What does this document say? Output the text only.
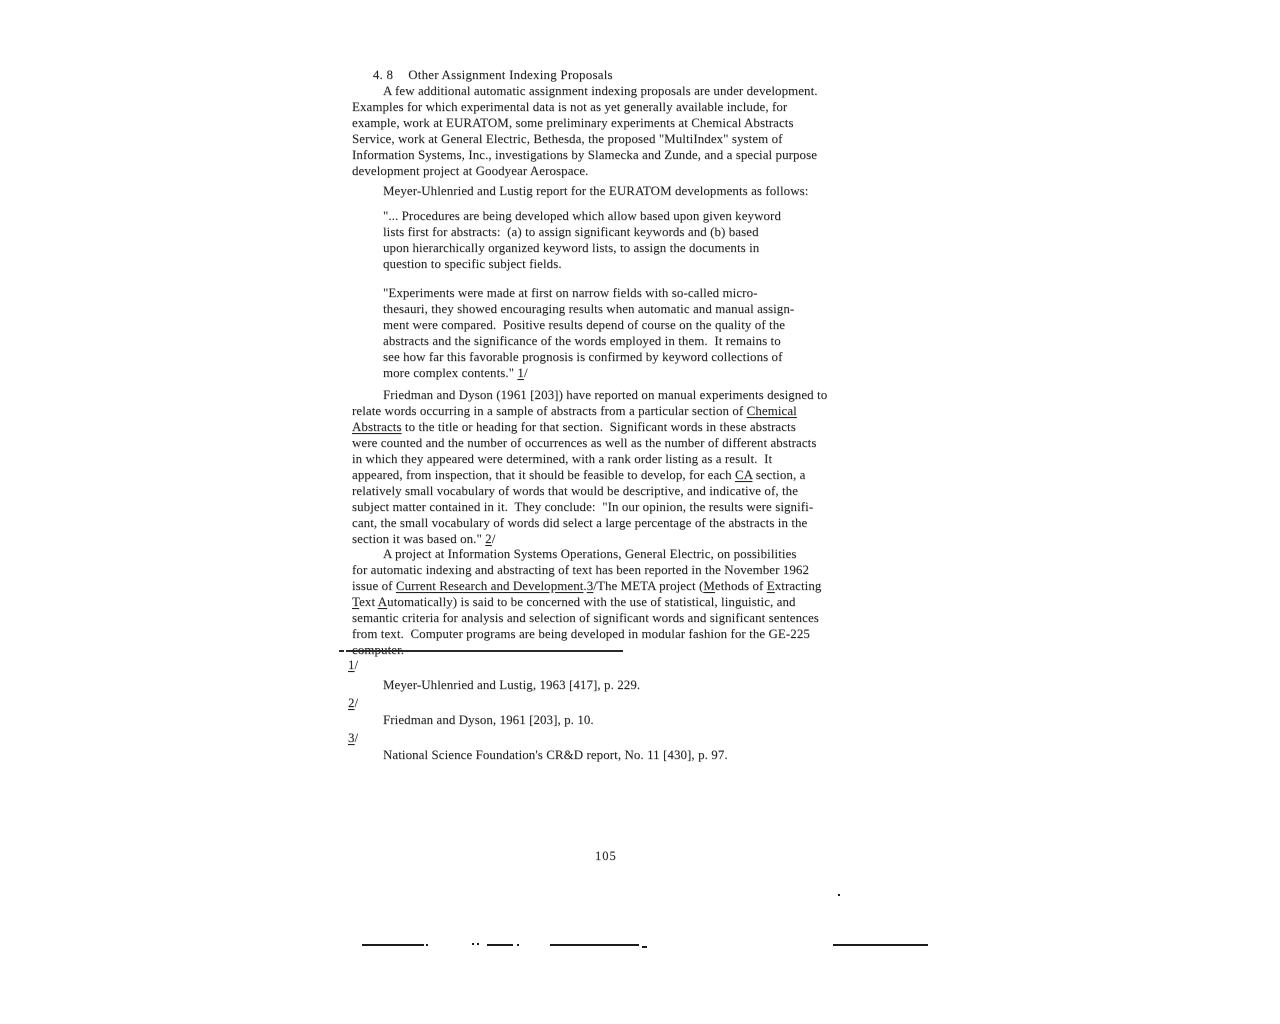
4. 8 Other Assignment Indexing Proposals

A few additional automatic assignment indexing proposals are under development.
Examples for which experimental data is not as yet generally available include, for
example, work at EURATOM, some preliminary experiments at Chemical Abstracts
Service, work at General Electric, Bethesda, the proposed "MultiIndex" system of
Information Systems, Inc., investigations by Slamecka and Zunde, and a special purpose
development project at Goodyear Aerospace.
Meyer-Uhlenried and Lustig report for the EURATOM developments as follows:
"... Procedures are being developed which allow based upon given keyword
lists first for abstracts:  (a) to assign significant keywords and (b) based
upon hierarchically organized keyword lists, to assign the documents in
question to specific subject fields.
"Experiments were made at first on narrow fields with so-called micro-
thesauri, they showed encouraging results when automatic and manual assign-
ment were compared.  Positive results depend of course on the quality of the
abstracts and the significance of the words employed in them.  It remains to
see how far this favorable prognosis is confirmed by keyword collections of
more complex contents." 1/
Friedman and Dyson (1961 [203]) have reported on manual experiments designed to
relate words occurring in a sample of abstracts from a particular section of Chemical
Abstracts to the title or heading for that section.  Significant words in these abstracts
were counted and the number of occurrences as well as the number of different abstracts
in which they appeared were determined, with a rank order listing as a result.  It
appeared, from inspection, that it should be feasible to develop, for each CA section, a
relatively small vocabulary of words that would be descriptive, and indicative of, the
subject matter contained in it.  They conclude:  "In our opinion, the results were signifi-
cant, the small vocabulary of words did select a large percentage of the abstracts in the
section it was based on." 2/
A project at Information Systems Operations, General Electric, on possibilities
for automatic indexing and abstracting of text has been reported in the November 1962
issue of Current Research and Development.3/The META project (Methods of Extracting
Text Automatically) is said to be concerned with the use of statistical, linguistic, and
semantic criteria for analysis and selection of significant words and significant sentences
from text.  Computer programs are being developed in modular fashion for the GE-225
1/
Meyer-Uhlenried and Lustig, 1963 [417], p. 229.
2/
Friedman and Dyson, 1961 [203], p. 10.
3/
National Science Foundation's CR&D report, No. 11 [430], p. 97.
105
